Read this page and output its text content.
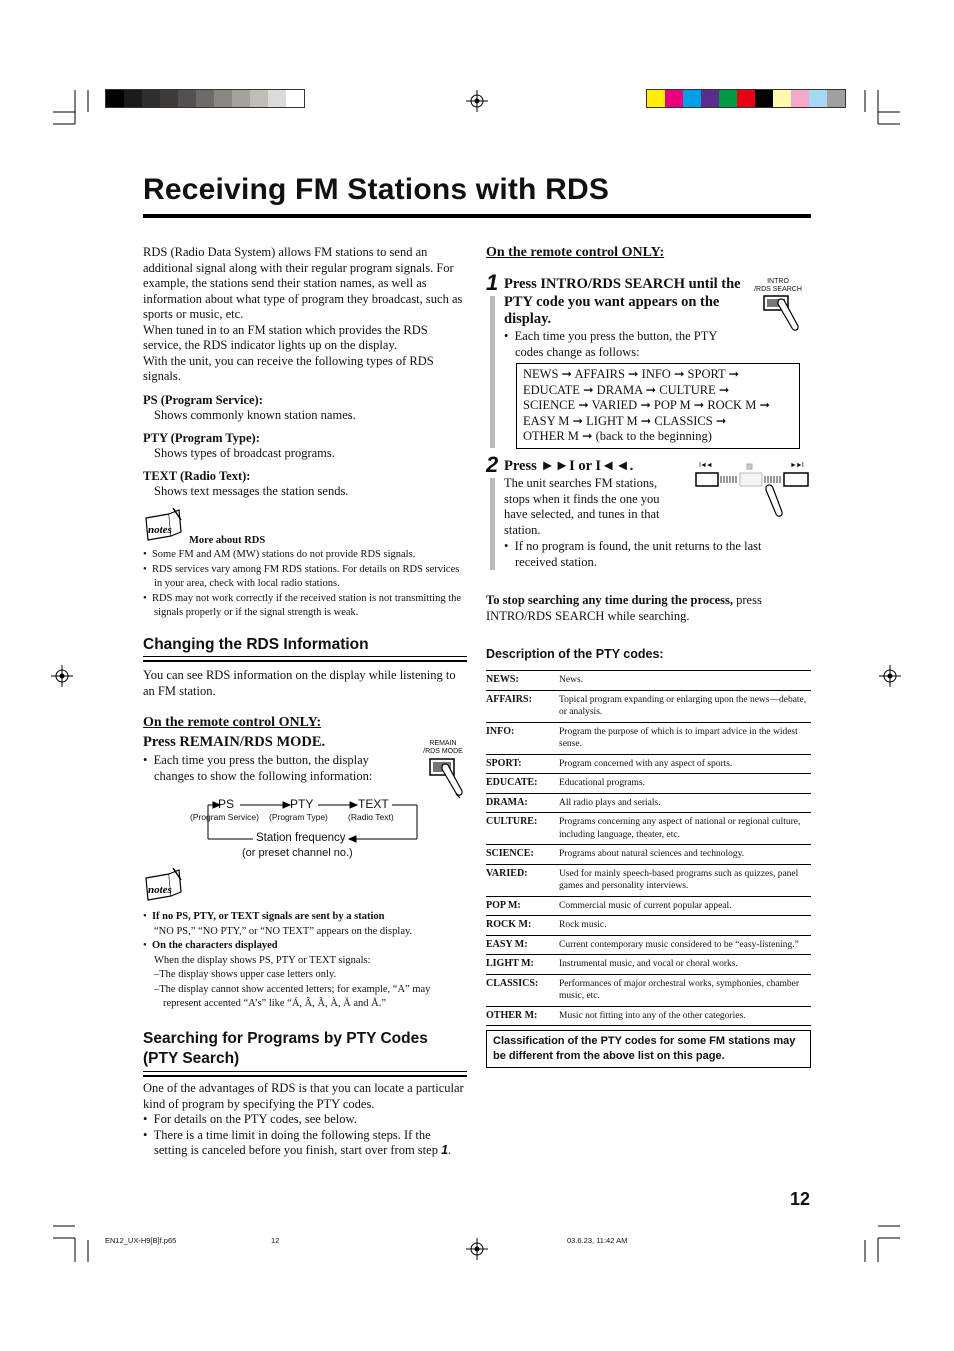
Receiving FM Stations with RDS

RDS (Radio Data System) allows FM stations to send an additional signal along with their regular program signals. For example, the stations send their station names, as well as information about what type of program they broadcast, such as sports or music, etc.

When tuned in to an FM station which provides the RDS service, the RDS indicator lights up on the display.

With the unit, you can receive the following types of RDS signals.

PS (Program Service):

Shows commonly known station names.

PTY (Program Type):

Shows types of broadcast programs.

TEXT (Radio Text):

Shows text messages the station sends.

notes
More about RDS

•  Some FM and AM (MW) stations do not provide RDS signals.

•  RDS services vary among FM RDS stations. For details on RDS services in your area, check with local radio stations.

•  RDS may not work correctly if the received station is not transmitting the signals properly or if the signal strength is weak.

Changing the RDS Information
You can see RDS information on the display while listening to an FM station.
On the remote control ONLY:
Press REMAIN/RDS MODE.	REMAIN
/RDS MODE

•  Each time you press the button, the display changes to show the following information:

PS
(Program Service)
PTY
(Program Type)
TEXT
(Radio Text)
Station frequency
(or preset channel no.)
notes

•  If no PS, PTY, or TEXT signals are sent by a station

“NO PS,” “NO PTY,” or “NO TEXT” appears on the display.

•  On the characters displayed

When the display shows PS, PTY or TEXT signals:

–The display shows upper case letters only.

–The display cannot show accented letters; for example, “A” may represent accented “A’s” like “Á, Â, Ã, À, Ä and Å.”

Searching for Programs by PTY Codes
(PTY Search)

One of the advantages of RDS is that you can locate a particular kind of program by specifying the PTY codes.

•  For details on the PTY codes, see below.

•  There is a time limit in doing the following steps. If the setting is canceled before you finish, start over from step 1.

On the remote control ONLY:
1 Press INTRO/RDS SEARCH until the PTY code you want appears on the display.
INTRO
/RDS SEARCH

•  Each time you press the button, the PTY codes change as follows:

NEWS ➞ AFFAIRS ➞ INFO ➞ SPORT ➞
EDUCATE ➞ DRAMA ➞ CULTURE ➞
SCIENCE ➞ VARIED ➞ POP M ➞ ROCK M ➞
EASY M ➞ LIGHT M ➞ CLASSICS ➞
OTHER M ➞ (back to the beginning)
2 Press ►►I or I◄◄.
The unit searches FM stations, stops when it finds the one you have selected, and tunes in that station.

•  If no program is found, the unit returns to the last received station.

I◄◄	►►I
To stop searching any time during the process, press INTRO/RDS SEARCH while searching.
Description of the PTY codes:
NEWS:	News.
AFFAIRS:	Topical program expanding or enlarging upon the news—debate, or analysis.
INFO:	Program the purpose of which is to impart advice in the widest sense.
SPORT:	Program concerned with any aspect of sports.
EDUCATE:	Educational programs.
DRAMA:	All radio plays and serials.
CULTURE:	Programs concerning any aspect of national or regional culture, including language, theater, etc.
SCIENCE:	Programs about natural sciences and technology.
VARIED:	Used for mainly speech-based programs such as quizzes, panel games and personality interviews.
POP M:	Commercial music of current popular appeal.
ROCK M:	Rock music.
EASY M:	Current contemporary music considered to be “easy-listening.”
LIGHT M:	Instrumental music, and vocal or choral works.
CLASSICS:	Performances of major orchestral works, symphonies, chamber music, etc.
OTHER M:	Music not fitting into any of the other categories.
Classification of the PTY codes for some FM stations may be different from the above list on this page.
12
EN12_UX-H9[B]f.p65	12	03.6.23, 11:42 AM
